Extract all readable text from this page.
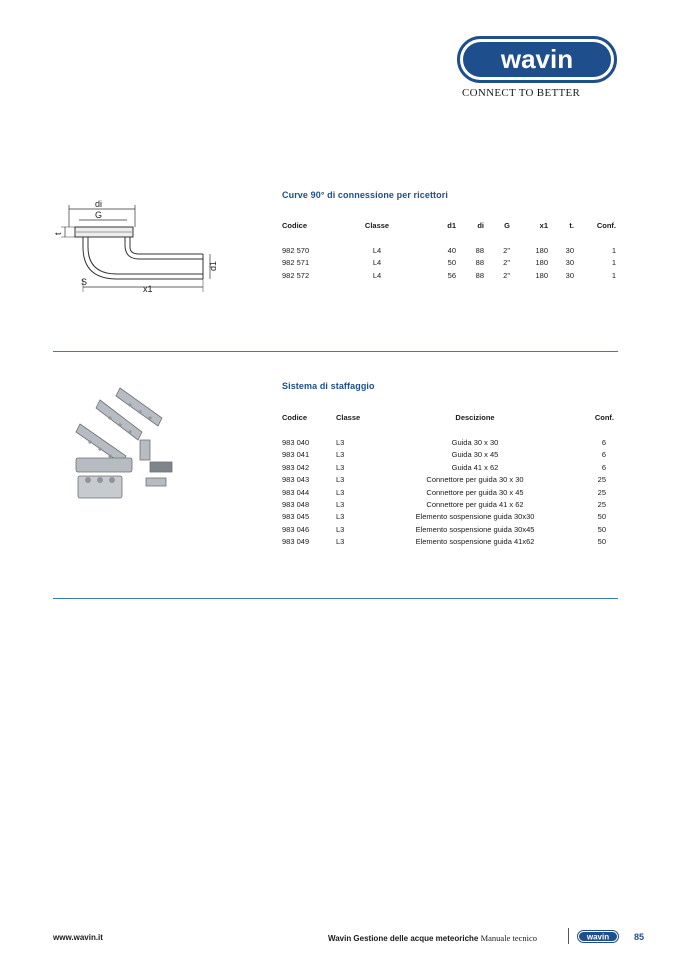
wavin
CONNECT TO BETTER
di
G
t
d1
S
x1
Curve 90° di connessione per ricettori
Codice	Classe	d1	di	G	x1	t.	Conf.

982 570	L4	40	88	2"	180	30	1
982 571	L4	50	88	2"	180	30	1
982 572	L4	56	88	2"	180	30	1
Sistema di staffaggio
Codice	Classe	Descizione	Conf.

983 040	L3	Guida 30 x 30	6
983 041	L3	Guida 30 x 45	6
983 042	L3	Guida 41 x 62	6
983 043	L3	Connettore per guida 30 x 30	25
983 044	L3	Connettore per guida 30 x 45	25
983 048	L3	Connettore per guida 41 x 62	25
983 045	L3	Elemento sospensione guida 30x30	50
983 046	L3	Elemento sospensione guida 30x45	50
983 049	L3	Elemento sospensione guida 41x62	50
www.wavin.it	Wavin Gestione delle acque meteoriche Manuale tecnico	wavin	85
